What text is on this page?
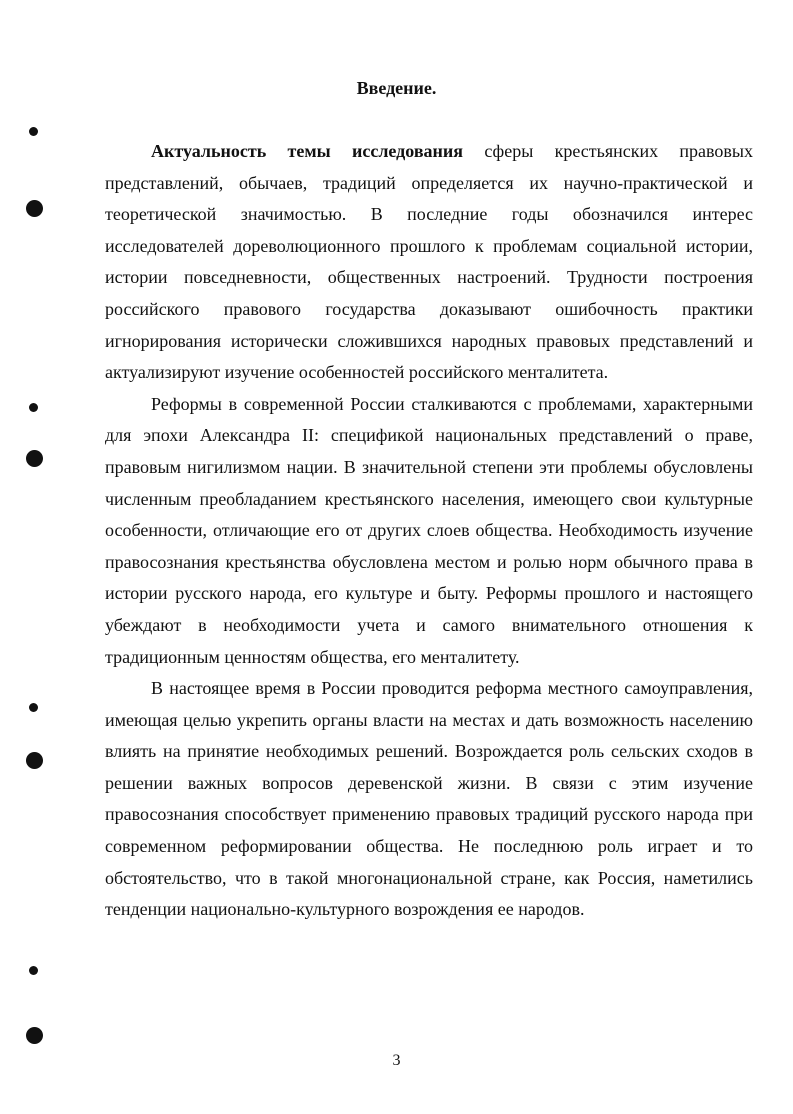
Введение.

Актуальность темы исследования сферы крестьянских правовых представлений, обычаев, традиций определяется их научно-практической и теоретической значимостью. В последние годы обозначился интерес исследователей дореволюционного прошлого к проблемам социальной истории, истории повседневности, общественных настроений. Трудности построения российского правового государства доказывают ошибочность практики игнорирования исторически сложившихся народных правовых представлений и актуализируют изучение особенностей российского менталитета.

Реформы в современной России сталкиваются с проблемами, характерными для эпохи Александра II: спецификой национальных представлений о праве, правовым нигилизмом нации. В значительной степени эти проблемы обусловлены численным преобладанием крестьянского населения, имеющего свои культурные особенности, отличающие его от других слоев общества. Необходимость изучение правосознания крестьянства обусловлена местом и ролью норм обычного права в истории русского народа, его культуре и быту. Реформы прошлого и настоящего убеждают в необходимости учета и самого внимательного отношения к традиционным ценностям общества, его менталитету.

В настоящее время в России проводится реформа местного самоуправления, имеющая целью укрепить органы власти на местах и дать возможность населению влиять на принятие необходимых решений. Возрождается роль сельских сходов в решении важных вопросов деревенской жизни. В связи с этим изучение правосознания способствует применению правовых традиций русского народа при современном реформировании общества. Не последнюю роль играет и то обстоятельство, что в такой многонациональной стране, как Россия, наметились тенденции национально-культурного возрождения ее народов.

3
